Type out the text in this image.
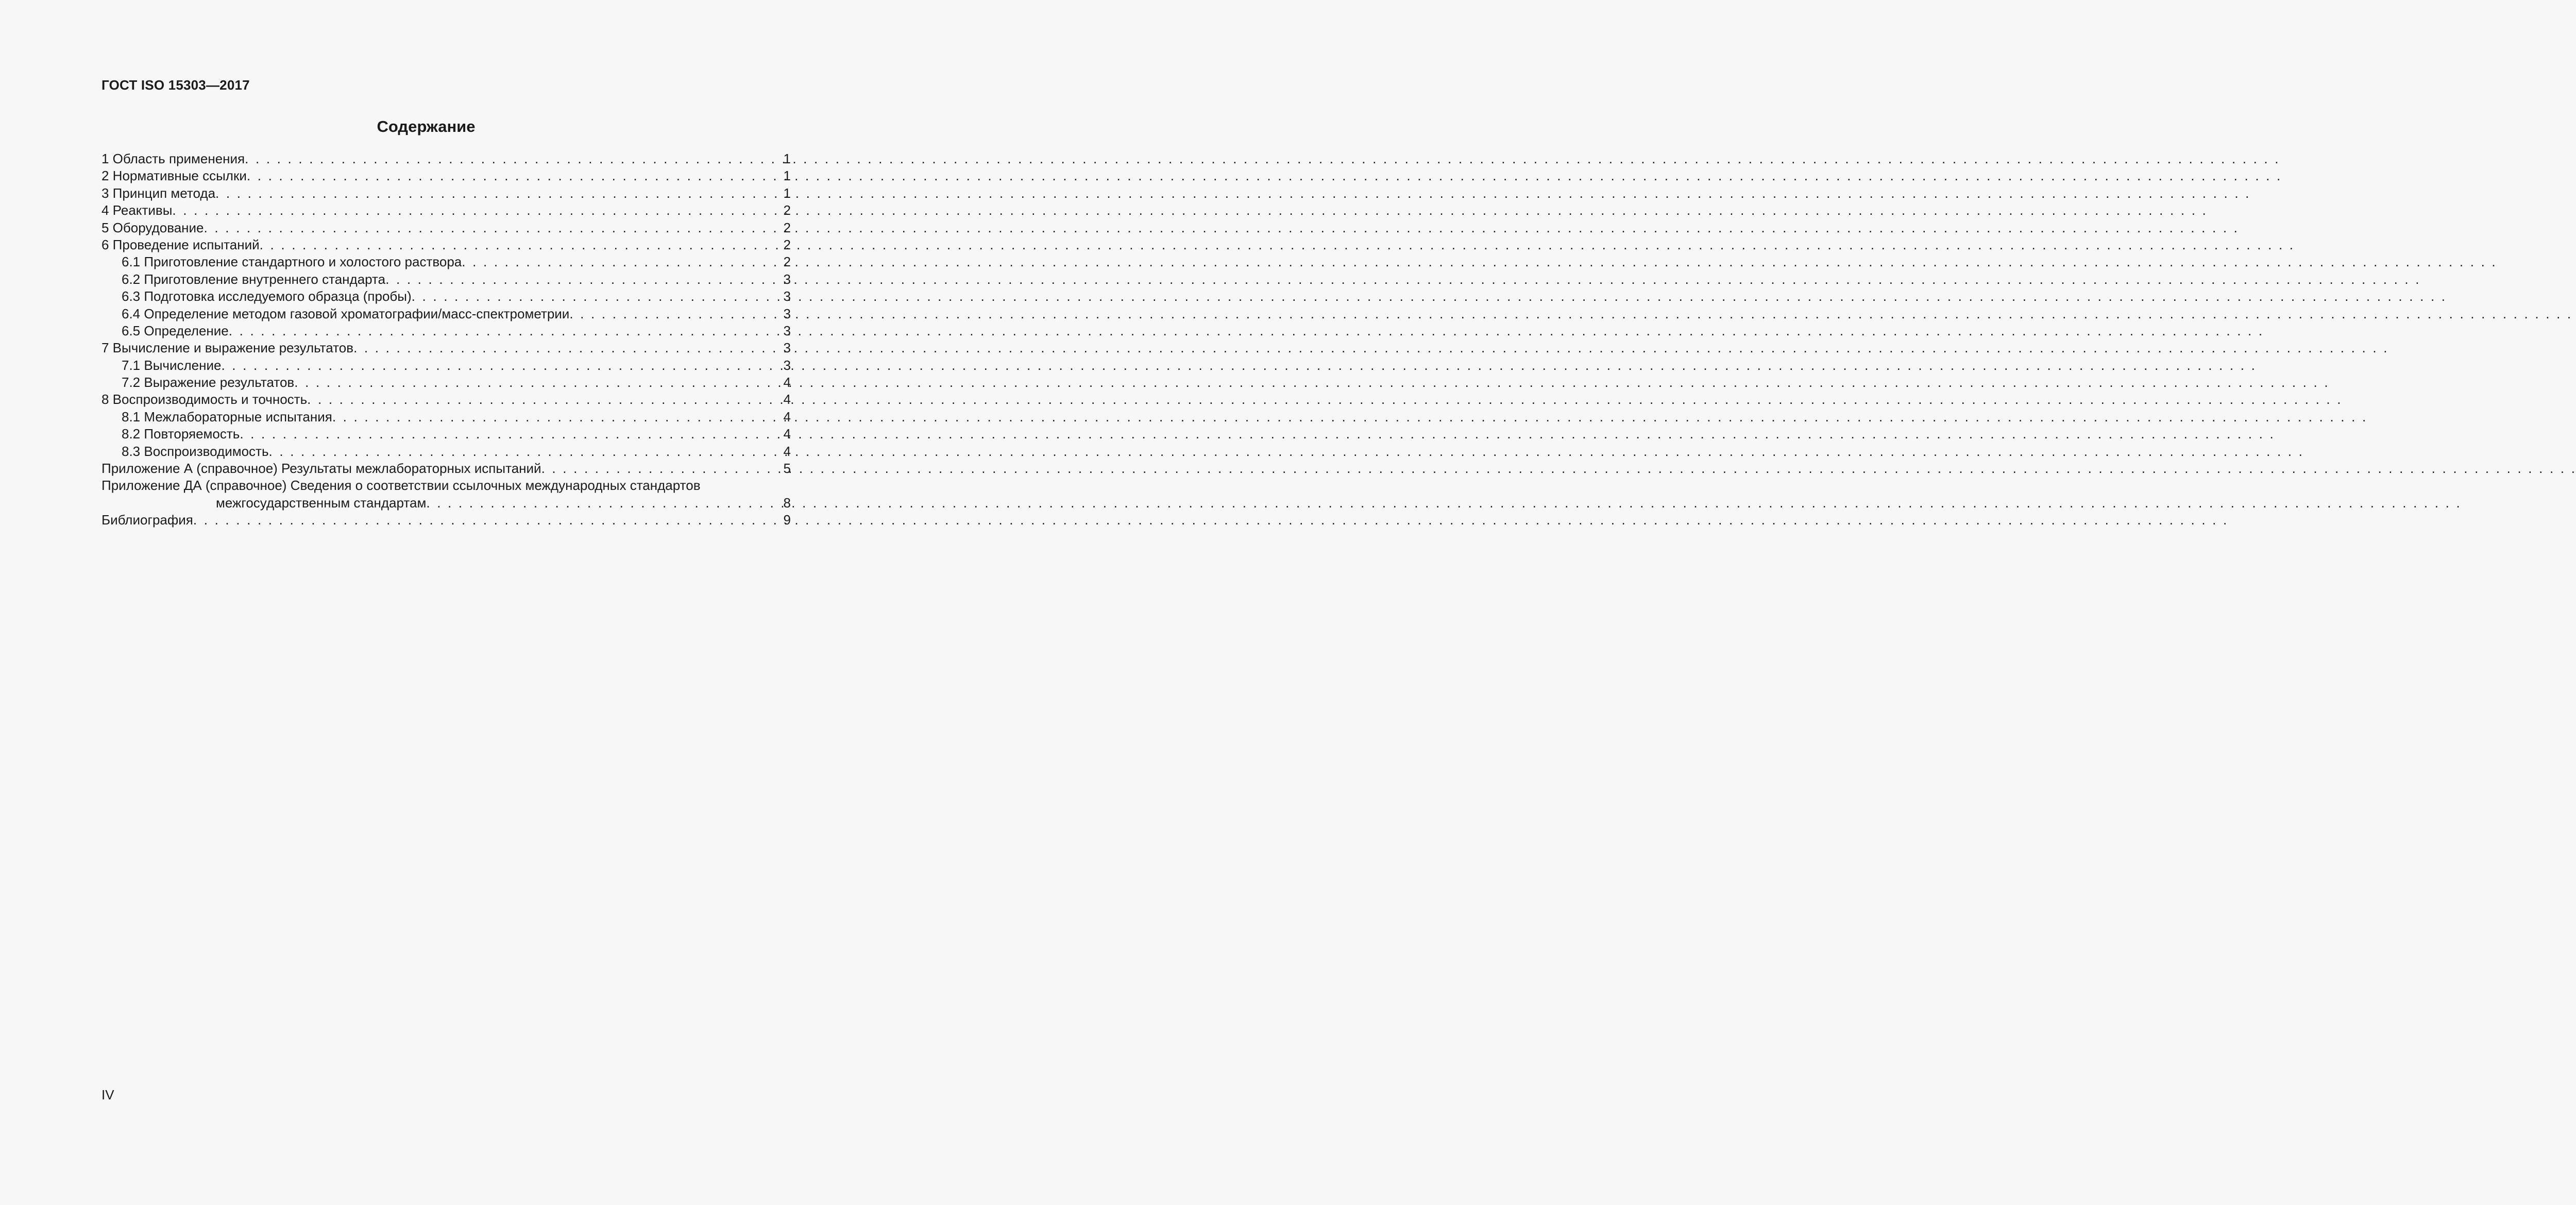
ГОСТ ISO 15303—2017
Содержание
1 Область применения . . .	1
2 Нормативные ссылки . . .	1
3 Принцип метода . . .	1
4 Реактивы . . .	2
5 Оборудование . . .	2
6 Проведение испытаний . . .	2
6.1 Приготовление стандартного и холостого раствора . . .	2
6.2 Приготовление внутреннего стандарта . . .	3
6.3 Подготовка исследуемого образца (пробы) . . .	3
6.4 Определение методом газовой хроматографии/масс-спектрометрии . . .	3
6.5 Определение . . .	3
7 Вычисление и выражение результатов . . .	3
7.1 Вычисление . . .	3
7.2 Выражение результатов . . .	4
8 Воспроизводимость и точность . . .	4
8.1 Межлабораторные испытания . . .	4
8.2 Повторяемость . . .	4
8.3 Воспроизводимость . . .	4
Приложение А (справочное) Результаты межлабораторных испытаний . . .	5
Приложение ДА (справочное) Сведения о соответствии ссылочных международных стандартов
межгосударственным стандартам . . .	8
Библиография . . .	9
IV
